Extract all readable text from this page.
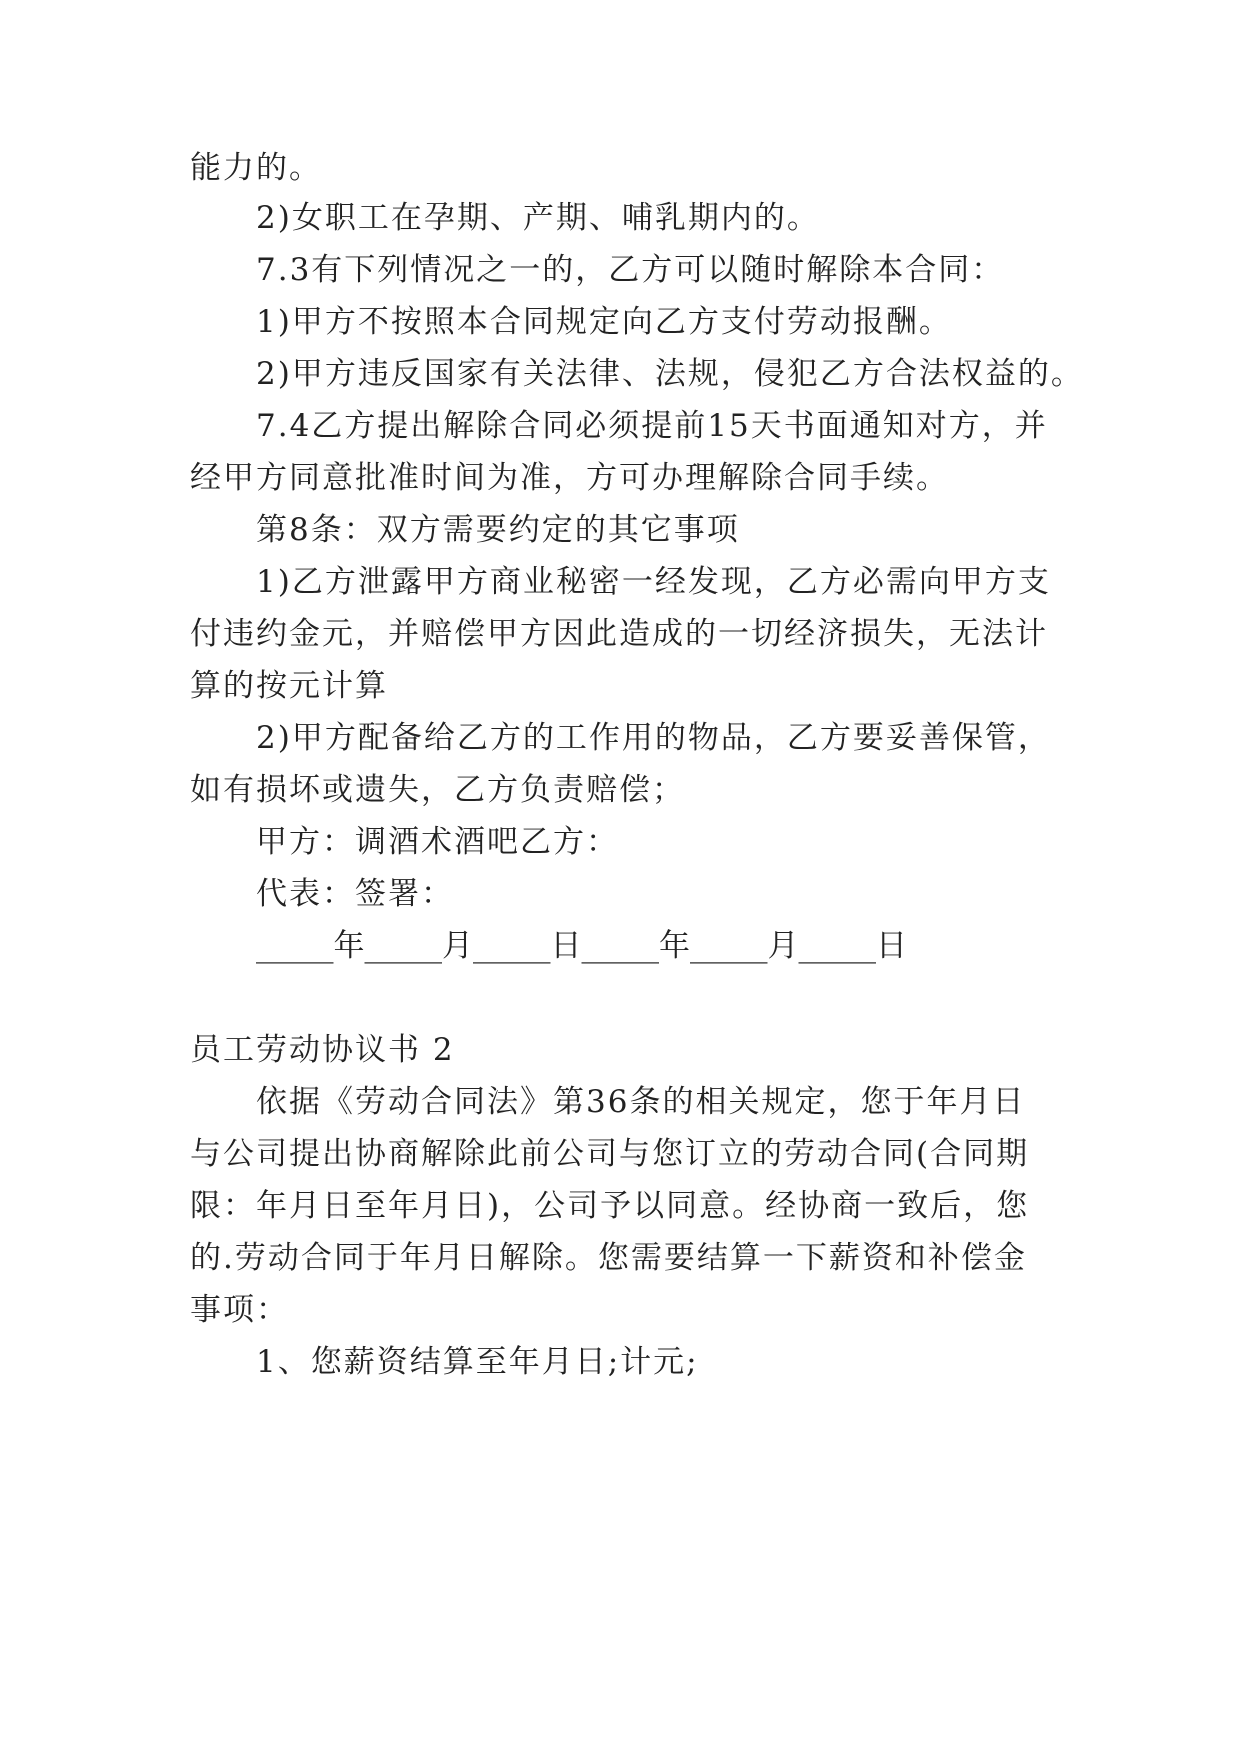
能力的。
2)女职工在孕期、产期、哺乳期内的。
7.3有下列情况之一的，乙方可以随时解除本合同：
1)甲方不按照本合同规定向乙方支付劳动报酬。
2)甲方违反国家有关法律、法规，侵犯乙方合法权益的。
7.4乙方提出解除合同必须提前15天书面通知对方，并
经甲方同意批准时间为准，方可办理解除合同手续。
第8条：双方需要约定的其它事项
1)乙方泄露甲方商业秘密一经发现，乙方必需向甲方支
付违约金元，并赔偿甲方因此造成的一切经济损失，无法计
算的按元计算
2)甲方配备给乙方的工作用的物品，乙方要妥善保管，
如有损坏或遗失，乙方负责赔偿；
甲方：调酒术酒吧乙方：
代表：签署：
_____年_____月_____日_____年_____月_____日
员工劳动协议书 2
依据《劳动合同法》第36条的相关规定，您于年月日
与公司提出协商解除此前公司与您订立的劳动合同(合同期
限：年月日至年月日)，公司予以同意。经协商一致后，您
的.劳动合同于年月日解除。您需要结算一下薪资和补偿金
事项：
1、您薪资结算至年月日;计元;
